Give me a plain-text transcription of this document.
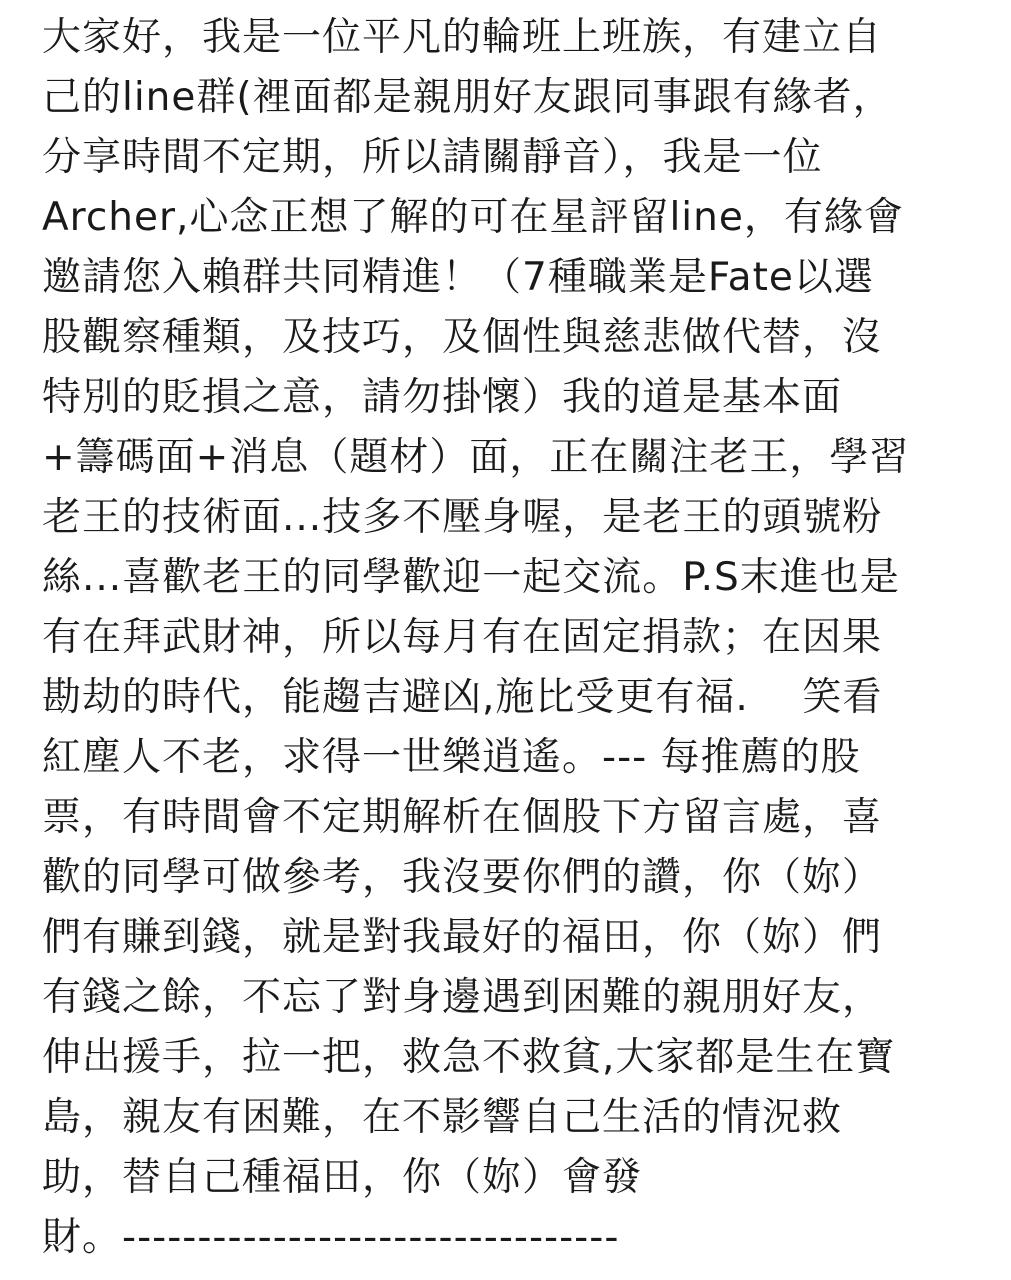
大家好，我是一位平凡的輪班上班族，有建立自
己的line群(裡面都是親朋好友跟同事跟有緣者，
分享時間不定期，所以請關靜音），我是一位
Archer,心念正想了解的可在星評留line，有緣會
邀請您入賴群共同精進！（7種職業是Fate以選
股觀察種類，及技巧，及個性與慈悲做代替，沒
特別的貶損之意，請勿掛懷）我的道是基本面
+籌碼面+消息（題材）面，正在關注老王，學習
老王的技術面...技多不壓身喔，是老王的頭號粉
絲...喜歡老王的同學歡迎一起交流。P.S末進也是
有在拜武財神，所以每月有在固定捐款；在因果
勘劫的時代，能趨吉避凶,施比受更有福.    笑看
紅塵人不老，求得一世樂逍遙。--- 每推薦的股
票，有時間會不定期解析在個股下方留言處，喜
歡的同學可做參考，我沒要你們的讚，你（妳）
們有賺到錢，就是對我最好的福田，你（妳）們
有錢之餘，不忘了對身邊遇到困難的親朋好友，
伸出援手，拉一把，救急不救貧,大家都是生在寶
島，親友有困難，在不影響自己生活的情況救
助，替自己種福田，你（妳）會發
財。---------------------------------
